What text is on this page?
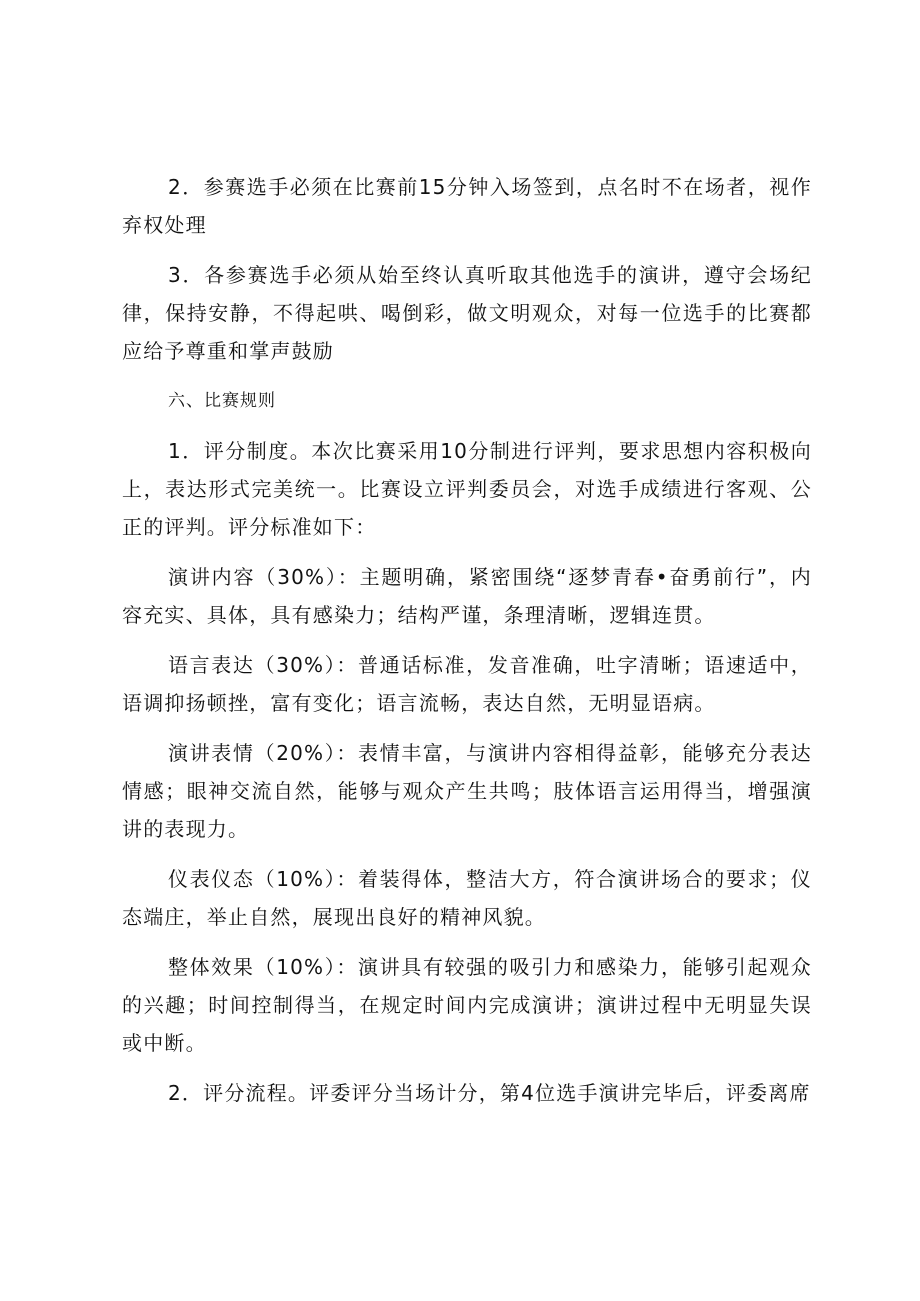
2．参赛选手必须在比赛前15分钟入场签到，点名时不在场者，视作弃权处理

3．各参赛选手必须从始至终认真听取其他选手的演讲，遵守会场纪律，保持安静，不得起哄、喝倒彩，做文明观众，对每一位选手的比赛都应给予尊重和掌声鼓励

六、比赛规则

1．评分制度。本次比赛采用10分制进行评判，要求思想内容积极向上，表达形式完美统一。比赛设立评判委员会，对选手成绩进行客观、公正的评判。评分标准如下：

演讲内容（30%）：主题明确，紧密围绕“逐梦青春•奋勇前行”，内容充实、具体，具有感染力；结构严谨，条理清晰，逻辑连贯。

语言表达（30%）：普通话标准，发音准确，吐字清晰；语速适中，语调抑扬顿挫，富有变化；语言流畅，表达自然，无明显语病。

演讲表情（20%）：表情丰富，与演讲内容相得益彰，能够充分表达情感；眼神交流自然，能够与观众产生共鸣；肢体语言运用得当，增强演讲的表现力。

仪表仪态（10%）：着装得体，整洁大方，符合演讲场合的要求；仪态端庄，举止自然，展现出良好的精神风貌。

整体效果（10%）：演讲具有较强的吸引力和感染力，能够引起观众的兴趣；时间控制得当，在规定时间内完成演讲；演讲过程中无明显失误或中断。

2．评分流程。评委评分当场计分，第4位选手演讲完毕后，评委离席
